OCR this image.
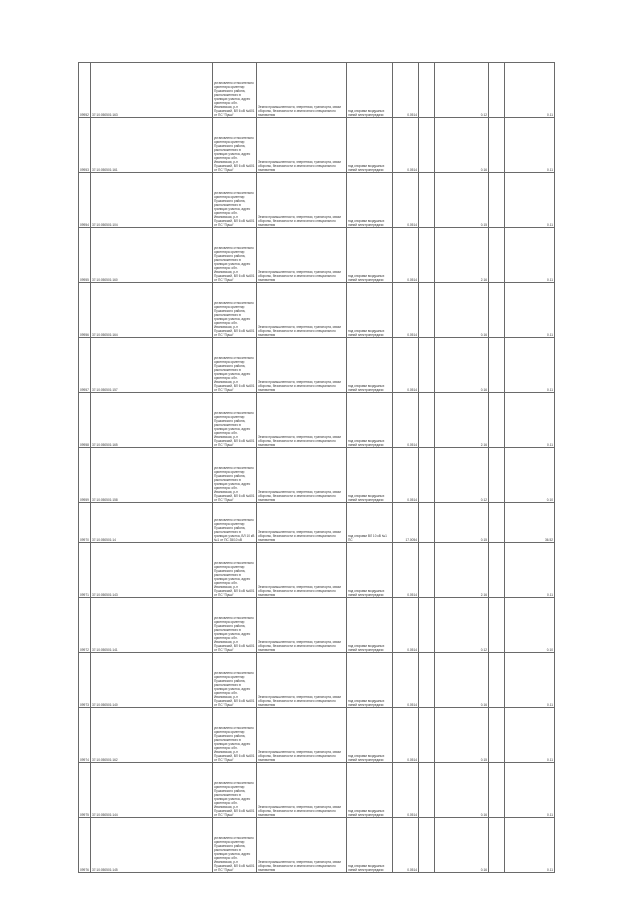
09952	37:10:050501:163	установлено относительно ориентира ориентир Пушкинского района, расположенного в границах участка, адрес ориентира: обл. Ивановская, р-н Пушкинский, ВЛ 6 кВ №601 от ПС "Пушк"	Земли промышленности, энергетики, транспорта, связи обороны, безопасности и земли иного специального назначения	под опорами воздушных линий электропередачи	0.0514		0.12		0.11
09953	37:10:050501:161	установлено относительно ориентира ориентир Пушкинского района, расположенного в границах участка, адрес ориентира: обл. Ивановская, р-н Пушкинский, ВЛ 6 кВ №601 от ПС "Пушк"	Земли промышленности, энергетики, транспорта, связи обороны, безопасности и земли иного специального назначения	под опорами воздушных линий электропередачи	0.0514		0.16		0.11
09954	37:10:050501:104	установлено относительно ориентира ориентир Пушкинского района, расположенного в границах участка, адрес ориентира: обл. Ивановская, р-н Пушкинский, ВЛ 6 кВ №601 от ПС "Пушк"	Земли промышленности, энергетики, транспорта, связи обороны, безопасности и земли иного специального назначения	под опорами воздушных линий электропередачи	0.0514		0.15		0.11
09955	37:10:050501:160	установлено относительно ориентира ориентир Пушкинского района, расположенного в границах участка, адрес ориентира: обл. Ивановская, р-н Пушкинский, ВЛ 6 кВ №601 от ПС "Пушк"	Земли промышленности, энергетики, транспорта, связи обороны, безопасности и земли иного специального назначения	под опорами воздушных линий электропередачи	0.0514		2.16		0.11
09956	37:10:050501:164	установлено относительно ориентира ориентир Пушкинского района, расположенного в границах участка, адрес ориентира: обл. Ивановская, р-н Пушкинский, ВЛ 6 кВ №601 от ПС "Пушк"	Земли промышленности, энергетики, транспорта, связи обороны, безопасности и земли иного специального назначения	под опорами воздушных линий электропередачи	0.0514		0.16		0.11
09957	37:10:050501:157	установлено относительно ориентира ориентир Пушкинского района, расположенного в границах участка, адрес ориентира: обл. Ивановская, р-н Пушкинский, ВЛ 6 кВ №601 от ПС "Пушк"	Земли промышленности, энергетики, транспорта, связи обороны, безопасности и земли иного специального назначения	под опорами воздушных линий электропередачи	0.0514		0.16		0.11
09958	37:10:050501:165	установлено относительно ориентира ориентир Пушкинского района, расположенного в границах участка, адрес ориентира: обл. Ивановская, р-н Пушкинский, ВЛ 6 кВ №601 от ПС "Пушк"	Земли промышленности, энергетики, транспорта, связи обороны, безопасности и земли иного специального назначения	под опорами воздушных линий электропередачи	0.0514		2.16		0.11
09959	37:10:050501:158	установлено относительно ориентира ориентир Пушкинского района, расположенного в границах участка, адрес ориентира: обл. Ивановская, р-н Пушкинский, ВЛ 6 кВ №601 от ПС "Пушк"	Земли промышленности, энергетики, транспорта, связи обороны, безопасности и земли иного специального назначения	под опорами воздушных линий электропередачи	0.0514		0.12		0.10
09970	37:10:050501:14	установлено относительно ориентира ориентир Пушкинского района, расположенного в границах участка, ВЛ 10 кВ №1 от ПС 35/10 кВ	Земли промышленности, энергетики, транспорта, связи обороны, безопасности и земли иного специального назначения	под опорами ВЛ 10 кВ №1 ПС	17.0054		0.15		36.52
09971	37:10:050501:143	установлено относительно ориентира ориентир Пушкинского района, расположенного в границах участка, адрес ориентира: обл. Ивановская, р-н Пушкинский, ВЛ 6 кВ №601 от ПС "Пушк"	Земли промышленности, энергетики, транспорта, связи обороны, безопасности и земли иного специального назначения	под опорами воздушных линий электропередачи	0.0514		2.16		0.11
09972	37:10:050501:141	установлено относительно ориентира ориентир Пушкинского района, расположенного в границах участка, адрес ориентира: обл. Ивановская, р-н Пушкинский, ВЛ 6 кВ №601 от ПС "Пушк"	Земли промышленности, энергетики, транспорта, связи обороны, безопасности и земли иного специального назначения	под опорами воздушных линий электропередачи	0.0514		0.12		0.10
09973	37:10:050501:140	установлено относительно ориентира ориентир Пушкинского района, расположенного в границах участка, адрес ориентира: обл. Ивановская, р-н Пушкинский, ВЛ 6 кВ №601 от ПС "Пушк"	Земли промышленности, энергетики, транспорта, связи обороны, безопасности и земли иного специального назначения	под опорами воздушных линий электропередачи	0.0514		0.16		0.11
09974	37:10:050501:162	установлено относительно ориентира ориентир Пушкинского района, расположенного в границах участка, адрес ориентира: обл. Ивановская, р-н Пушкинский, ВЛ 6 кВ №601 от ПС "Пушк"	Земли промышленности, энергетики, транспорта, связи обороны, безопасности и земли иного специального назначения	под опорами воздушных линий электропередачи	0.0514		0.15		0.11
09975	37:10:050501:144	установлено относительно ориентира ориентир Пушкинского района, расположенного в границах участка, адрес ориентира: обл. Ивановская, р-н Пушкинский, ВЛ 6 кВ №601 от ПС "Пушк"	Земли промышленности, энергетики, транспорта, связи обороны, безопасности и земли иного специального назначения	под опорами воздушных линий электропередачи	0.0514		0.16		0.11
09976	37:10:050501:145	установлено относительно ориентира ориентир Пушкинского района, расположенного в границах участка, адрес ориентира: обл. Ивановская, р-н Пушкинский, ВЛ 6 кВ №601 от ПС "Пушк"	Земли промышленности, энергетики, транспорта, связи обороны, безопасности и земли иного специального назначения	под опорами воздушных линий электропередачи	0.0514		0.16		0.11
